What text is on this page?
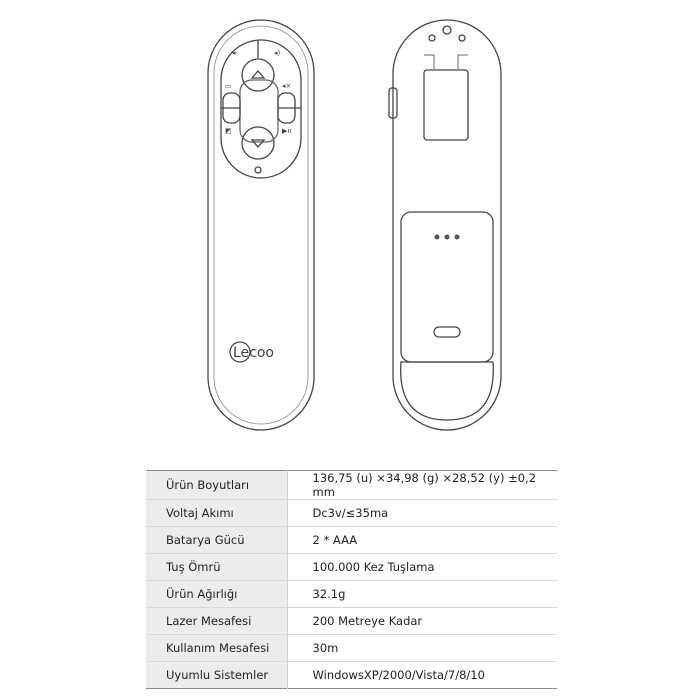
◂·	◂)
▭	◂×
◩	▶ıı
Lecoo
Ürün Boyutları	136,75 (u) ×34,98 (g) ×28,52 (y) ±0,2 mm
Voltaj Akımı	Dc3v/≤35ma
Batarya Gücü	2 * AAA
Tuş Ömrü	100.000 Kez Tuşlama
Ürün Ağırlığı	32.1g
Lazer Mesafesi	200 Metreye Kadar
Kullanım Mesafesi	30m
Uyumlu Sistemler	WindowsXP/2000/Vista/7/8/10
